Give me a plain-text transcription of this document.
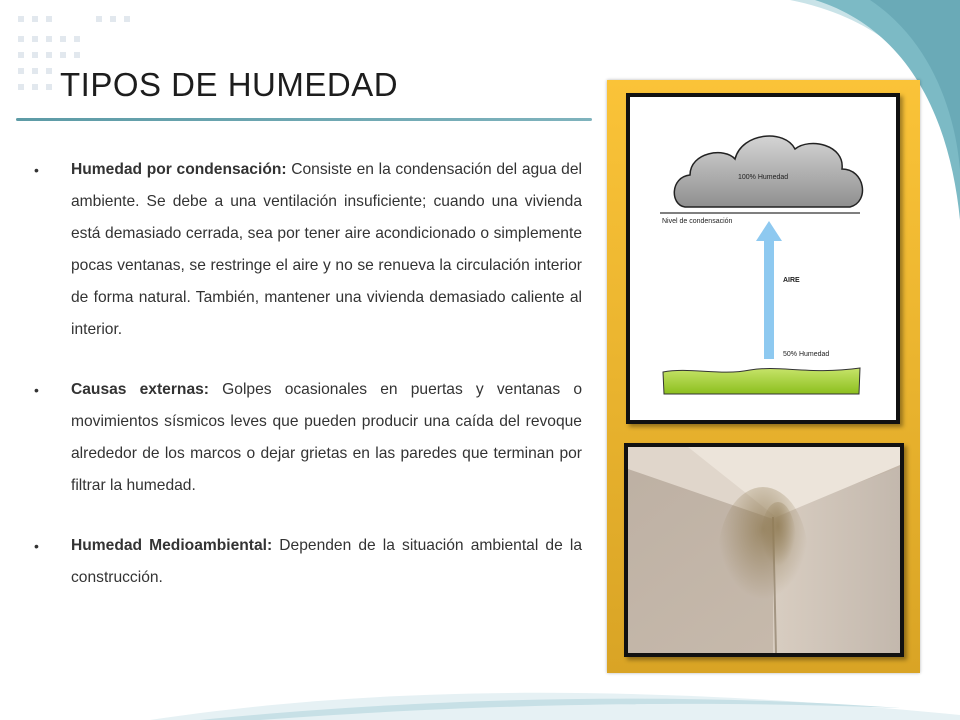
TIPOS DE HUMEDAD
• Humedad por condensación: Consiste en la condensación del agua del ambiente. Se debe a una ventilación insuficiente; cuando una vivienda está demasiado cerrada, sea por tener aire acondicionado o simplemente pocas ventanas, se restringe el aire y no se renueva la circulación interior de forma natural. También, mantener una vivienda demasiado caliente al interior.

• Causas externas: Golpes ocasionales en puertas y ventanas o movimientos sísmicos leves que pueden producir una caída del revoque alrededor de los marcos o dejar grietas en las paredes que terminan por filtrar la humedad.

• Humedad Medioambiental: Dependen de la situación ambiental de la construcción.

100% Humedad
Nivel de condensación
AIRE
50% Humedad
